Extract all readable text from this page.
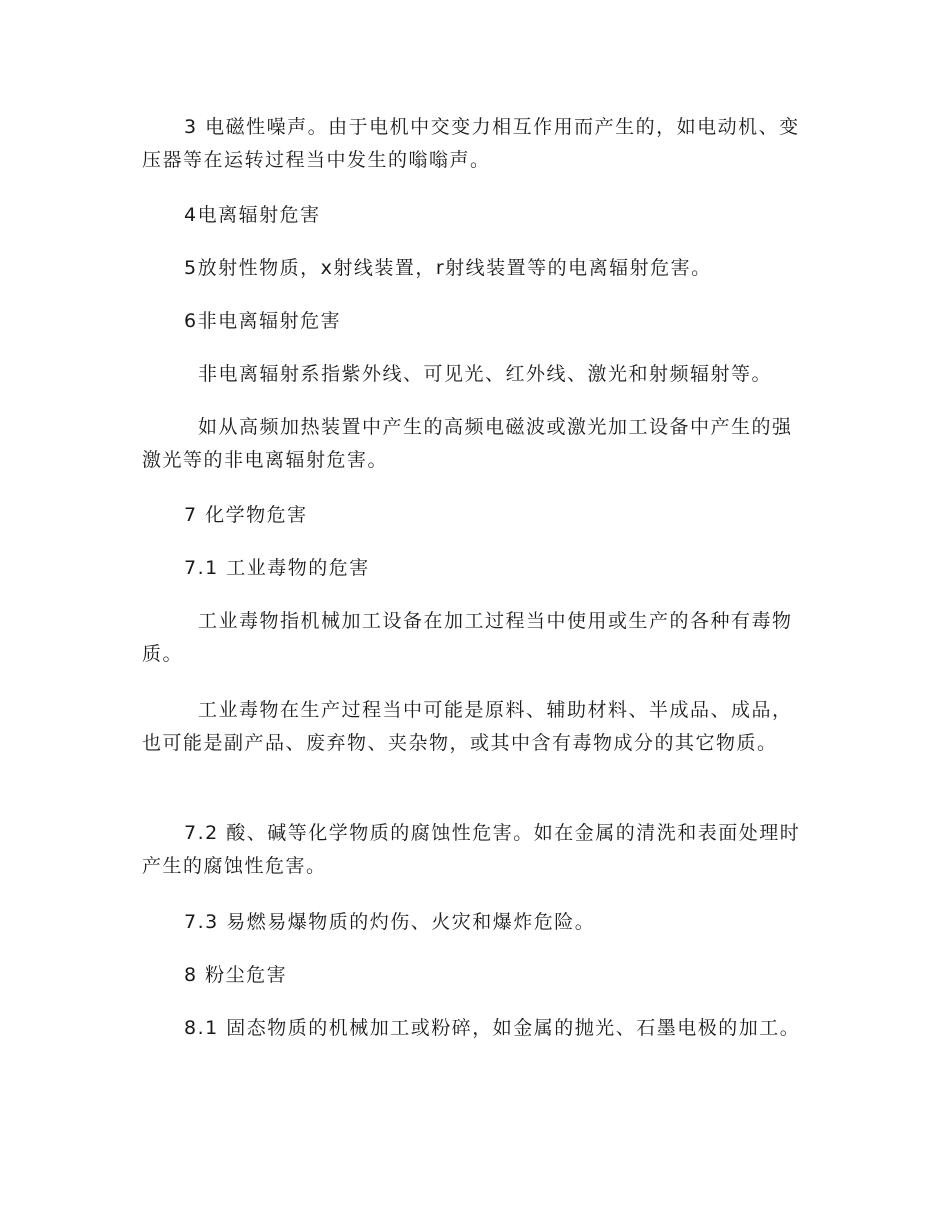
3 电磁性噪声。由于电机中交变力相互作用而产生的，如电动机、变压器等在运转过程当中发生的嗡嗡声。

4电离辐射危害

5放射性物质，x射线装置，r射线装置等的电离辐射危害。

6非电离辐射危害

非电离辐射系指紫外线、可见光、红外线、激光和射频辐射等。

如从高频加热装置中产生的高频电磁波或激光加工设备中产生的强激光等的非电离辐射危害。

7 化学物危害

7.1 工业毒物的危害

工业毒物指机械加工设备在加工过程当中使用或生产的各种有毒物质。

工业毒物在生产过程当中可能是原料、辅助材料、半成品、成品，也可能是副产品、废弃物、夹杂物，或其中含有毒物成分的其它物质。

7.2 酸、碱等化学物质的腐蚀性危害。如在金属的清洗和表面处理时产生的腐蚀性危害。

7.3 易燃易爆物质的灼伤、火灾和爆炸危险。

8 粉尘危害

8.1 固态物质的机械加工或粉碎，如金属的抛光、石墨电极的加工。
